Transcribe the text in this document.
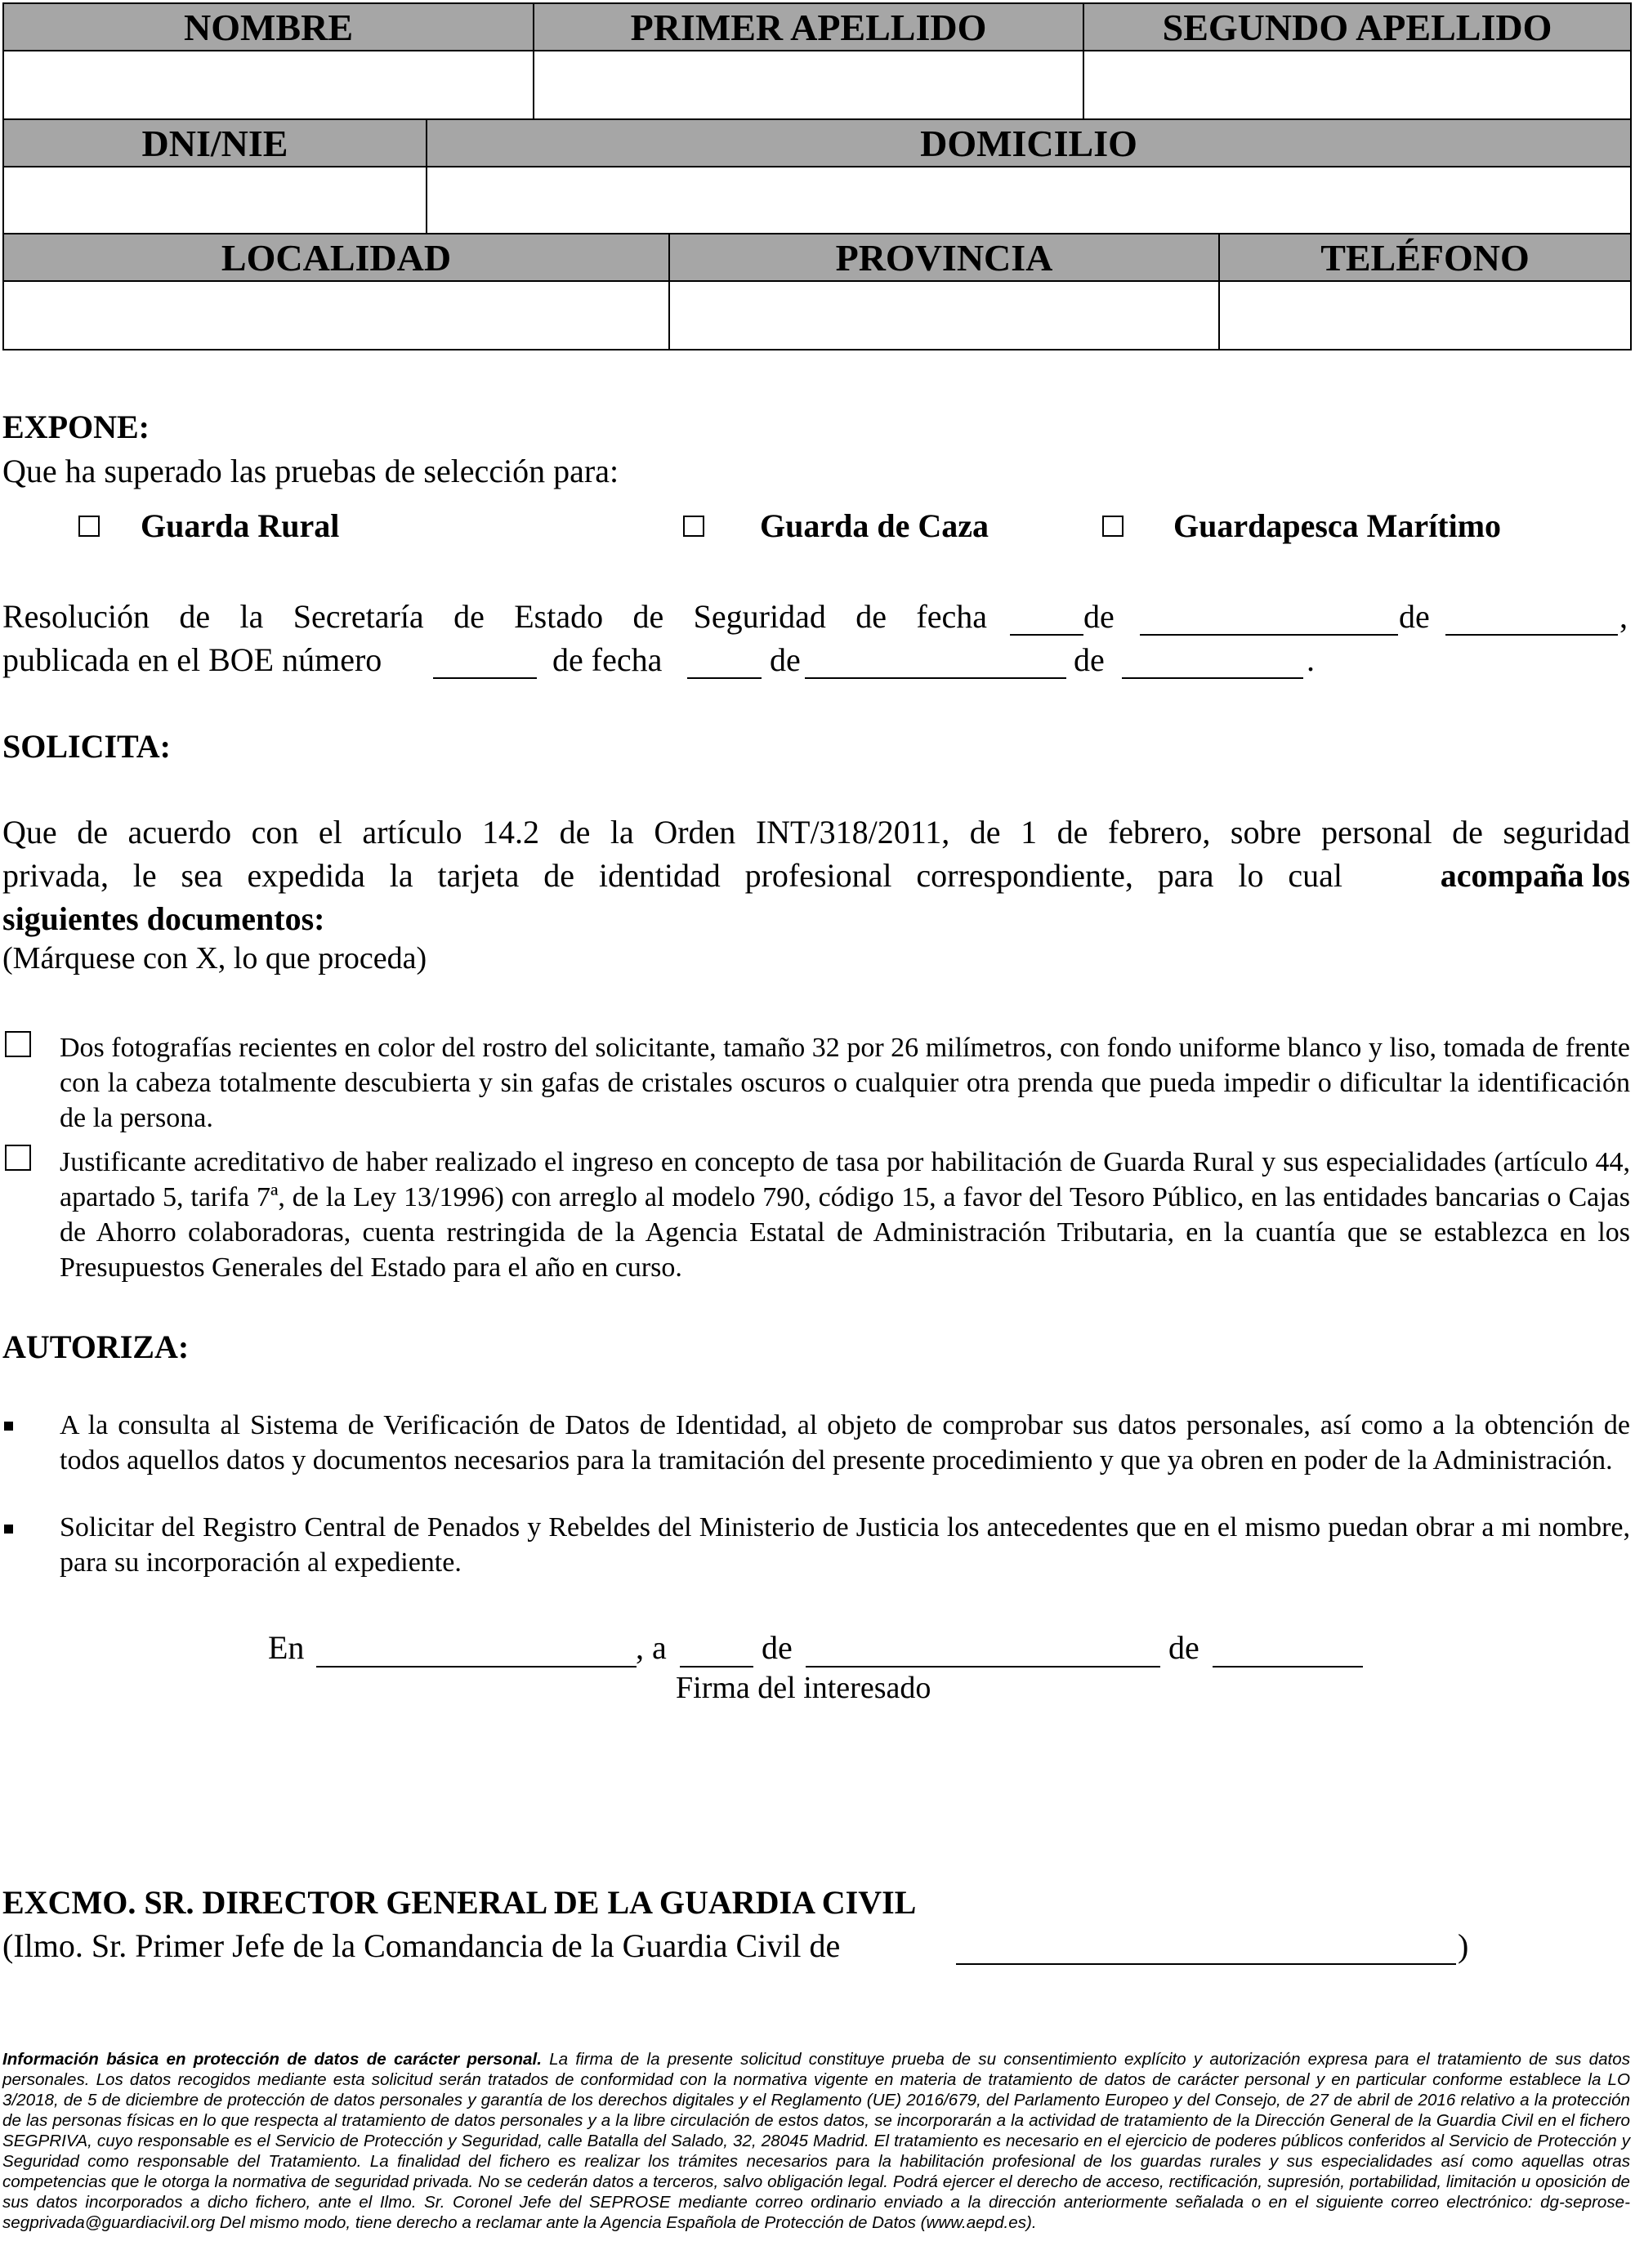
NOMBRE	PRIMER APELLIDO	SEGUNDO APELLIDO
DNI/NIE	DOMICILIO
LOCALIDAD	PROVINCIA	TELÉFONO
EXPONE:
Que ha superado las pruebas de selección para:
Guarda Rural	Guarda de Caza	Guardapesca Marítimo
Resolución de la Secretaría de Estado de Seguridad de fecha	de	de	,
publicada en el BOE número	de fecha	de	de	.
SOLICITA:
Que de acuerdo con el artículo 14.2 de la Orden INT/318/2011, de 1 de febrero, sobre personal de seguridad
privada, le sea expedida la tarjeta de identidad profesional correspondiente, para lo cual	acompaña los
siguientes documentos:
(Márquese con X, lo que proceda)
Dos fotografías recientes en color del rostro del solicitante, tamaño 32 por 26 milímetros, con fondo uniforme blanco y liso, tomada de frente con la cabeza totalmente descubierta y sin gafas de cristales oscuros o cualquier otra prenda que pueda impedir o dificultar la identificación de la persona.
Justificante acreditativo de haber realizado el ingreso en concepto de tasa por habilitación de Guarda Rural y sus especialidades (artículo 44, apartado 5, tarifa 7ª, de la Ley 13/1996) con arreglo al modelo 790, código 15, a favor del Tesoro Público, en las entidades bancarias o Cajas de Ahorro colaboradoras, cuenta restringida de la Agencia Estatal de Administración Tributaria, en la cuantía que se establezca en los Presupuestos Generales del Estado para el año en curso.
AUTORIZA:
A la consulta al Sistema de Verificación de Datos de Identidad, al objeto de comprobar sus datos personales, así como a la obtención de todos aquellos datos y documentos necesarios para la tramitación del presente procedimiento y que ya obren en poder de la Administración.
Solicitar del Registro Central de Penados y Rebeldes del Ministerio de Justicia los antecedentes que en el mismo puedan obrar a mi nombre, para su incorporación al expediente.
En	, a	de	de
Firma del interesado
EXCMO. SR. DIRECTOR GENERAL DE LA GUARDIA CIVIL
(Ilmo. Sr. Primer Jefe de la Comandancia de la Guardia Civil de	)
Información básica en protección de datos de carácter personal. La firma de la presente solicitud constituye prueba de su consentimiento explícito y autorización expresa para el tratamiento de sus datos personales. Los datos recogidos mediante esta solicitud serán tratados de conformidad con la normativa vigente en materia de tratamiento de datos de carácter personal y en particular conforme establece la LO 3/2018, de 5 de diciembre de protección de datos personales y garantía de los derechos digitales y el Reglamento (UE) 2016/679, del Parlamento Europeo y del Consejo, de 27 de abril de 2016 relativo a la protección de las personas físicas en lo que respecta al tratamiento de datos personales y a la libre circulación de estos datos, se incorporarán a la actividad de tratamiento de la Dirección General de la Guardia Civil en el fichero SEGPRIVA, cuyo responsable es el Servicio de Protección y Seguridad, calle Batalla del Salado, 32, 28045 Madrid. El tratamiento es necesario en el ejercicio de poderes públicos conferidos al Servicio de Protección y Seguridad como responsable del Tratamiento. La finalidad del fichero es realizar los trámites necesarios para la habilitación profesional de los guardas rurales y sus especialidades así como aquellas otras competencias que le otorga la normativa de seguridad privada. No se cederán datos a terceros, salvo obligación legal. Podrá ejercer el derecho de acceso, rectificación, supresión, portabilidad, limitación u oposición de sus datos incorporados a dicho fichero, ante el Ilmo. Sr. Coronel Jefe del SEPROSE mediante correo ordinario enviado a la dirección anteriormente señalada o en el siguiente correo electrónico: dg-seprose-segprivada@guardiacivil.org Del mismo modo, tiene derecho a reclamar ante la Agencia Española de Protección de Datos (www.aepd.es).
